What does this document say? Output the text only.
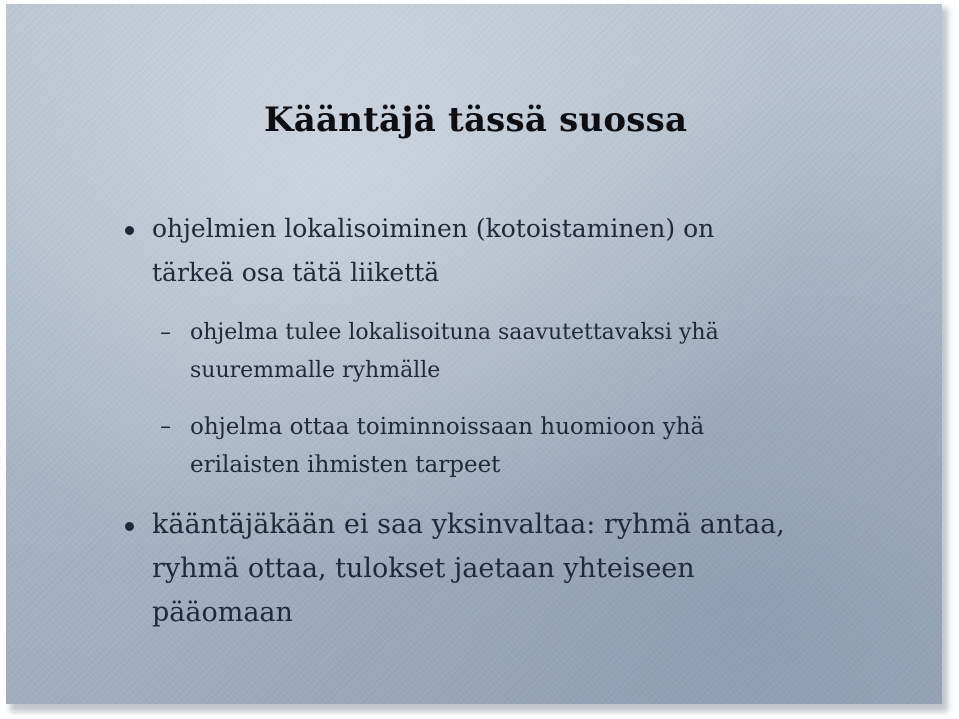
Kääntäjä tässä suossa

ohjelmien lokalisoiminen (kotoistaminen) on

tärkeä osa tätä liikettä

– ohjelma tulee lokalisoituna saavutettavaksi yhä

suuremmalle ryhmälle

– ohjelma ottaa toiminnoissaan huomioon yhä

erilaisten ihmisten tarpeet

kääntäjäkään ei saa yksinvaltaa: ryhmä antaa,

ryhmä ottaa, tulokset jaetaan yhteiseen

pääomaan
